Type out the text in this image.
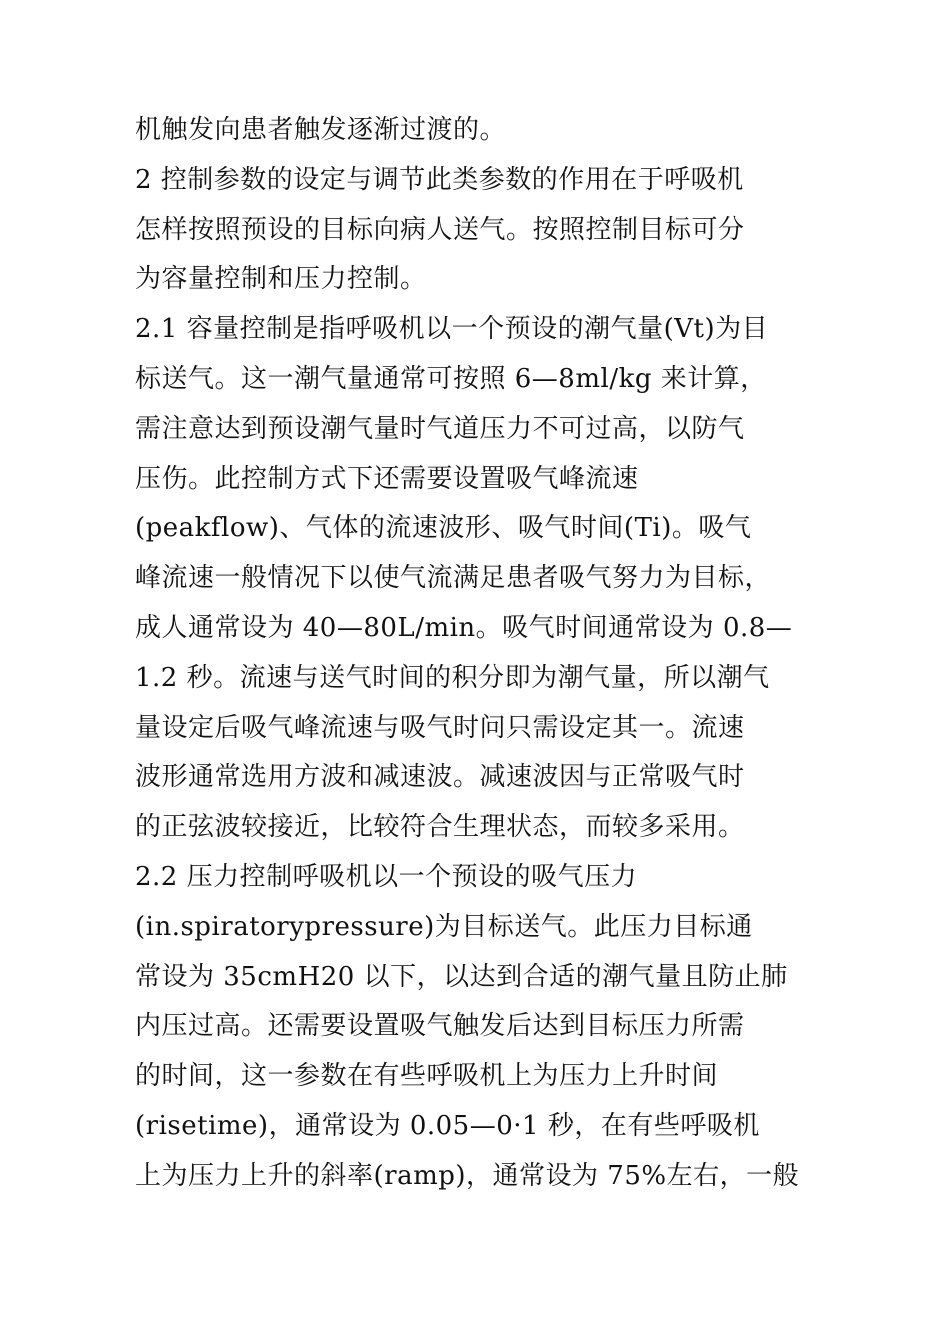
机触发向患者触发逐渐过渡的。
2 控制参数的设定与调节此类参数的作用在于呼吸机
怎样按照预设的目标向病人送气。按照控制目标可分
为容量控制和压力控制。
2.1 容量控制是指呼吸机以一个预设的潮气量(Vt)为目
标送气。这一潮气量通常可按照 6—8ml/kg 来计算，
需注意达到预设潮气量时气道压力不可过高，以防气
压伤。此控制方式下还需要设置吸气峰流速
(peakflow)、气体的流速波形、吸气时间(Ti)。吸气
峰流速一般情况下以使气流满足患者吸气努力为目标，
成人通常设为 40—80L/min。吸气时间通常设为 0.8—
1.2 秒。流速与送气时间的积分即为潮气量，所以潮气
量设定后吸气峰流速与吸气时问只需设定其一。流速
波形通常选用方波和减速波。减速波因与正常吸气时
的正弦波较接近，比较符合生理状态，而较多采用。
2.2 压力控制呼吸机以一个预设的吸气压力
(in.spiratorypressure)为目标送气。此压力目标通
常设为 35cmH20 以下，以达到合适的潮气量且防止肺
内压过高。还需要设置吸气触发后达到目标压力所需
的时间，这一参数在有些呼吸机上为压力上升时间
(risetime)，通常设为 0.05—0·1 秒，在有些呼吸机
上为压力上升的斜率(ramp)，通常设为 75%左右，一般
